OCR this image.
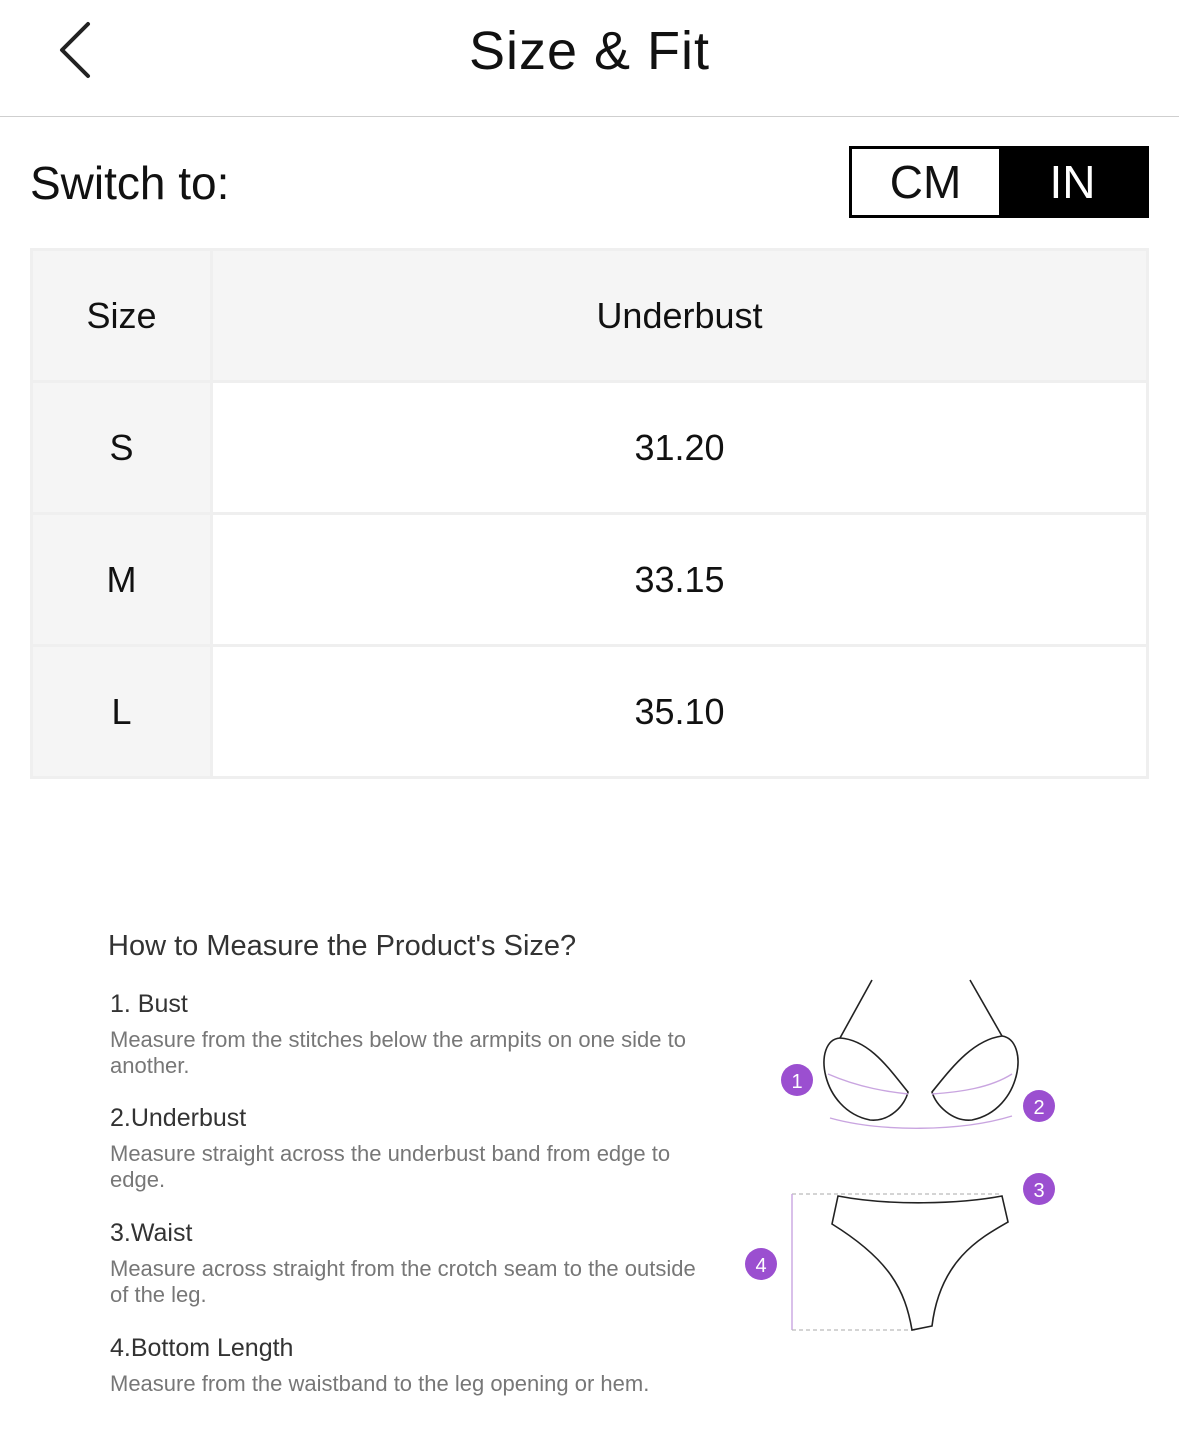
Size & Fit
Switch to:	CM	IN
Size	Underbust
S	31.20
M	33.15
L	35.10
How to Measure the Product's Size?
1. Bust
Measure from the stitches below the armpits on one side to another.
2.Underbust
Measure straight across the underbust band from edge to edge.
3.Waist
Measure across straight from the crotch seam to the outside of the leg.
4.Bottom Length
Measure from the waistband to the leg opening or hem.
1
2
3
4
